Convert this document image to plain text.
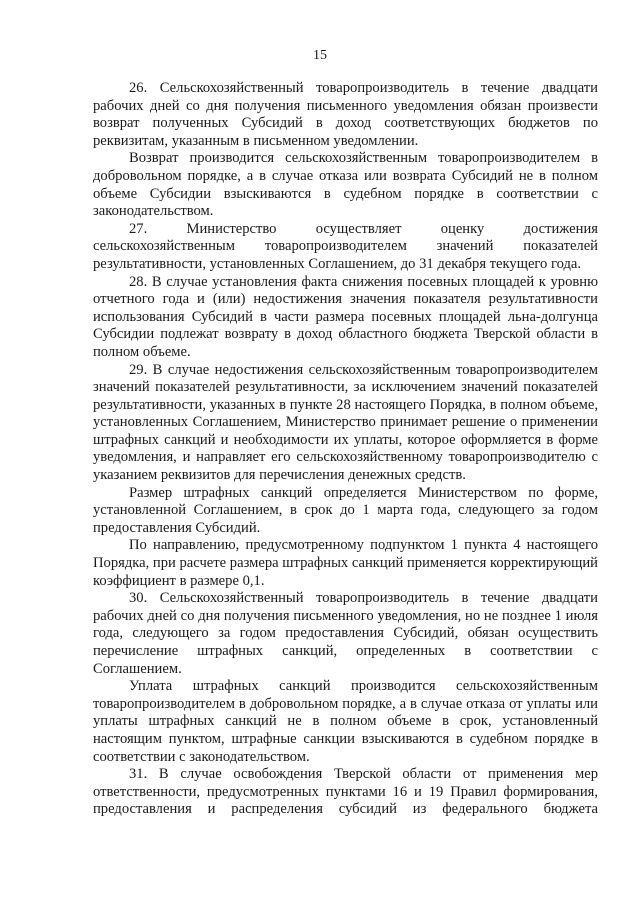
15

26. Сельскохозяйственный товаропроизводитель в течение двадцати рабочих дней со дня получения письменного уведомления обязан произвести возврат полученных Субсидий в доход соответствующих бюджетов по реквизитам, указанным в письменном уведомлении.

Возврат производится сельскохозяйственным товаропроизводителем в добровольном порядке, а в случае отказа или возврата Субсидий не в полном объеме Субсидии взыскиваются в судебном порядке в соответствии с законодательством.

27. Министерство осуществляет оценку достижения сельскохозяйственным товаропроизводителем значений показателей результативности, установленных Соглашением, до 31 декабря текущего года.

28. В случае установления факта снижения посевных площадей к уровню отчетного года и (или) недостижения значения показателя результативности использования Субсидий в части размера посевных площадей льна-долгунца Субсидии подлежат возврату в доход областного бюджета Тверской области в полном объеме.

29. В случае недостижения сельскохозяйственным товаропроизводителем значений показателей результативности, за исключением значений показателей результативности, указанных в пункте 28 настоящего Порядка, в полном объеме, установленных Соглашением, Министерство принимает решение о применении штрафных санкций и необходимости их уплаты, которое оформляется в форме уведомления, и направляет его сельскохозяйственному товаропроизводителю с указанием реквизитов для перечисления денежных средств.

Размер штрафных санкций определяется Министерством по форме, установленной Соглашением, в срок до 1 марта года, следующего за годом предоставления Субсидий.

По направлению, предусмотренному подпунктом 1 пункта 4 настоящего Порядка, при расчете размера штрафных санкций применяется корректирующий коэффициент в размере 0,1.

30. Сельскохозяйственный товаропроизводитель в течение двадцати рабочих дней со дня получения письменного уведомления, но не позднее 1 июля года, следующего за годом предоставления Субсидий, обязан осуществить перечисление штрафных санкций, определенных в соответствии с Соглашением.

Уплата штрафных санкций производится сельскохозяйственным товаропроизводителем в добровольном порядке, а в случае отказа от уплаты или уплаты штрафных санкций не в полном объеме в срок, установленный настоящим пунктом, штрафные санкции взыскиваются в судебном порядке в соответствии с законодательством.

31. В случае освобождения Тверской области от применения мер ответственности, предусмотренных пунктами 16 и 19 Правил формирования, предоставления и распределения субсидий из федерального бюджета
